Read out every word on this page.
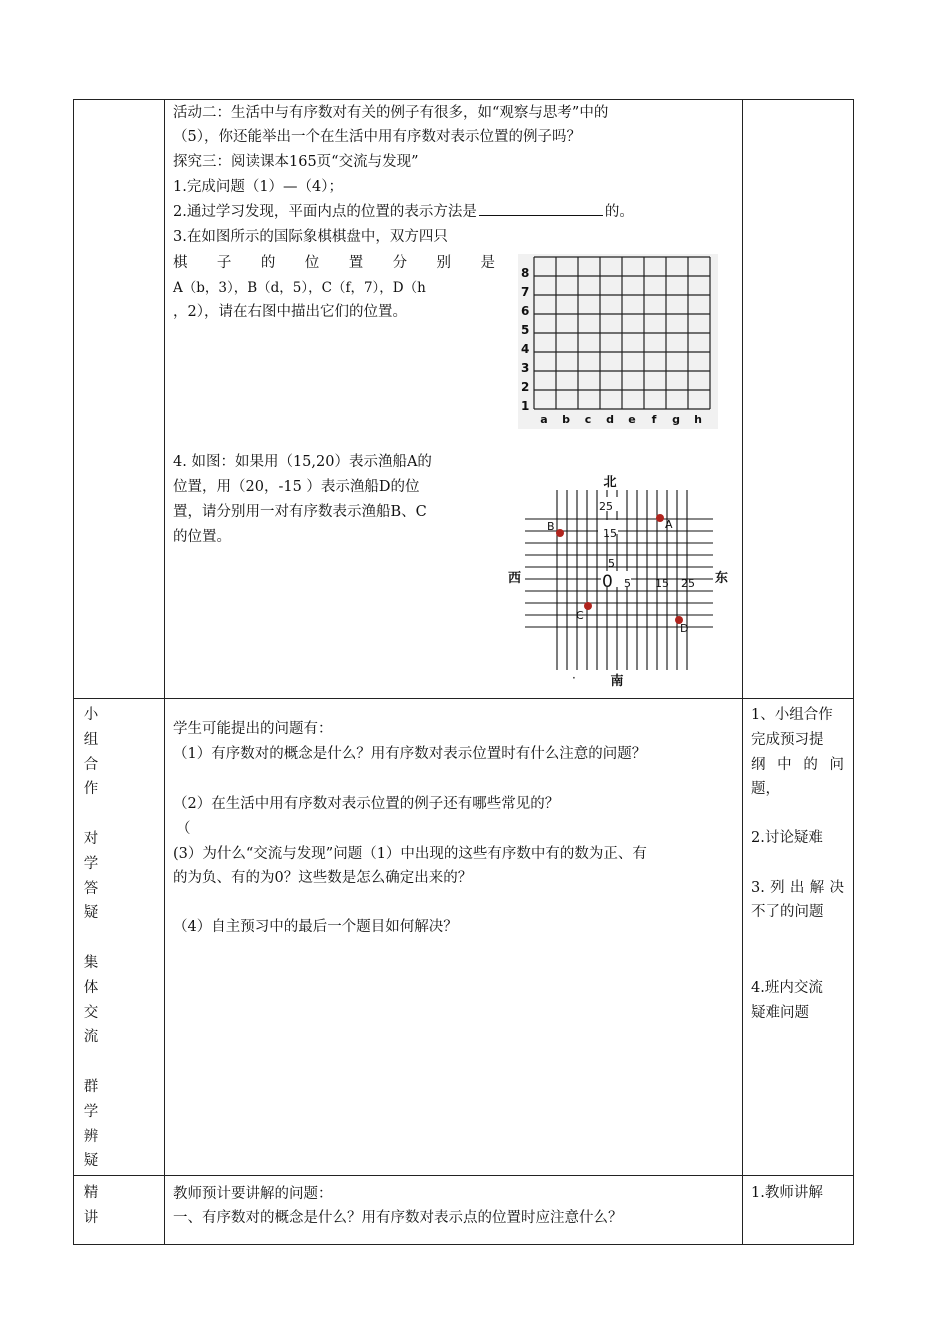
活动二：生活中与有序数对有关的例子有很多，如“观察与思考”中的
（5），你还能举出一个在生活中用有序数对表示位置的例子吗？
探究三：阅读课本165页“交流与发现”
1.完成问题（1）—（4）；
2.通过学习发现，平面内点的位置的表示方法是	的。
3.在如图所示的国际象棋棋盘中，双方四只
棋 子 的 位 置 分 别 是
A（b，3），B（d，5），C（f，7），D（h
，2），请在右图中描出它们的位置。
4. 如图：如果用（15,20）表示渔船A的
位置，用（20，-15 ）表示渔船D的位
置，请分别用一对有序数表示渔船B、C
的位置。
1
2
3
4
5
6
7
8
a b c d e f g h
北
南
西	东
0 5 15 25
25
15
5
A
B
C
D
·
小
组
合
作
对
学
答
疑
集
体
交
流
群
学
辨
疑
学生可能提出的问题有：
（1）有序数对的概念是什么？用有序数对表示位置时有什么注意的问题？
（2）在生活中用有序数对表示位置的例子还有哪些常见的？
（
(3）为什么“交流与发现”问题（1）中出现的这些有序数中有的数为正、有
的为负、有的为0？这些数是怎么确定出来的？
（4）自主预习中的最后一个题目如何解决？
1、小组合作
完成预习提
纲 中 的 问
题，
2.讨论疑难
3. 列 出 解 决
不了的问题
4.班内交流
疑难问题
精
讲
教师预计要讲解的问题：
一、有序数对的概念是什么？用有序数对表示点的位置时应注意什么？
1.教师讲解
